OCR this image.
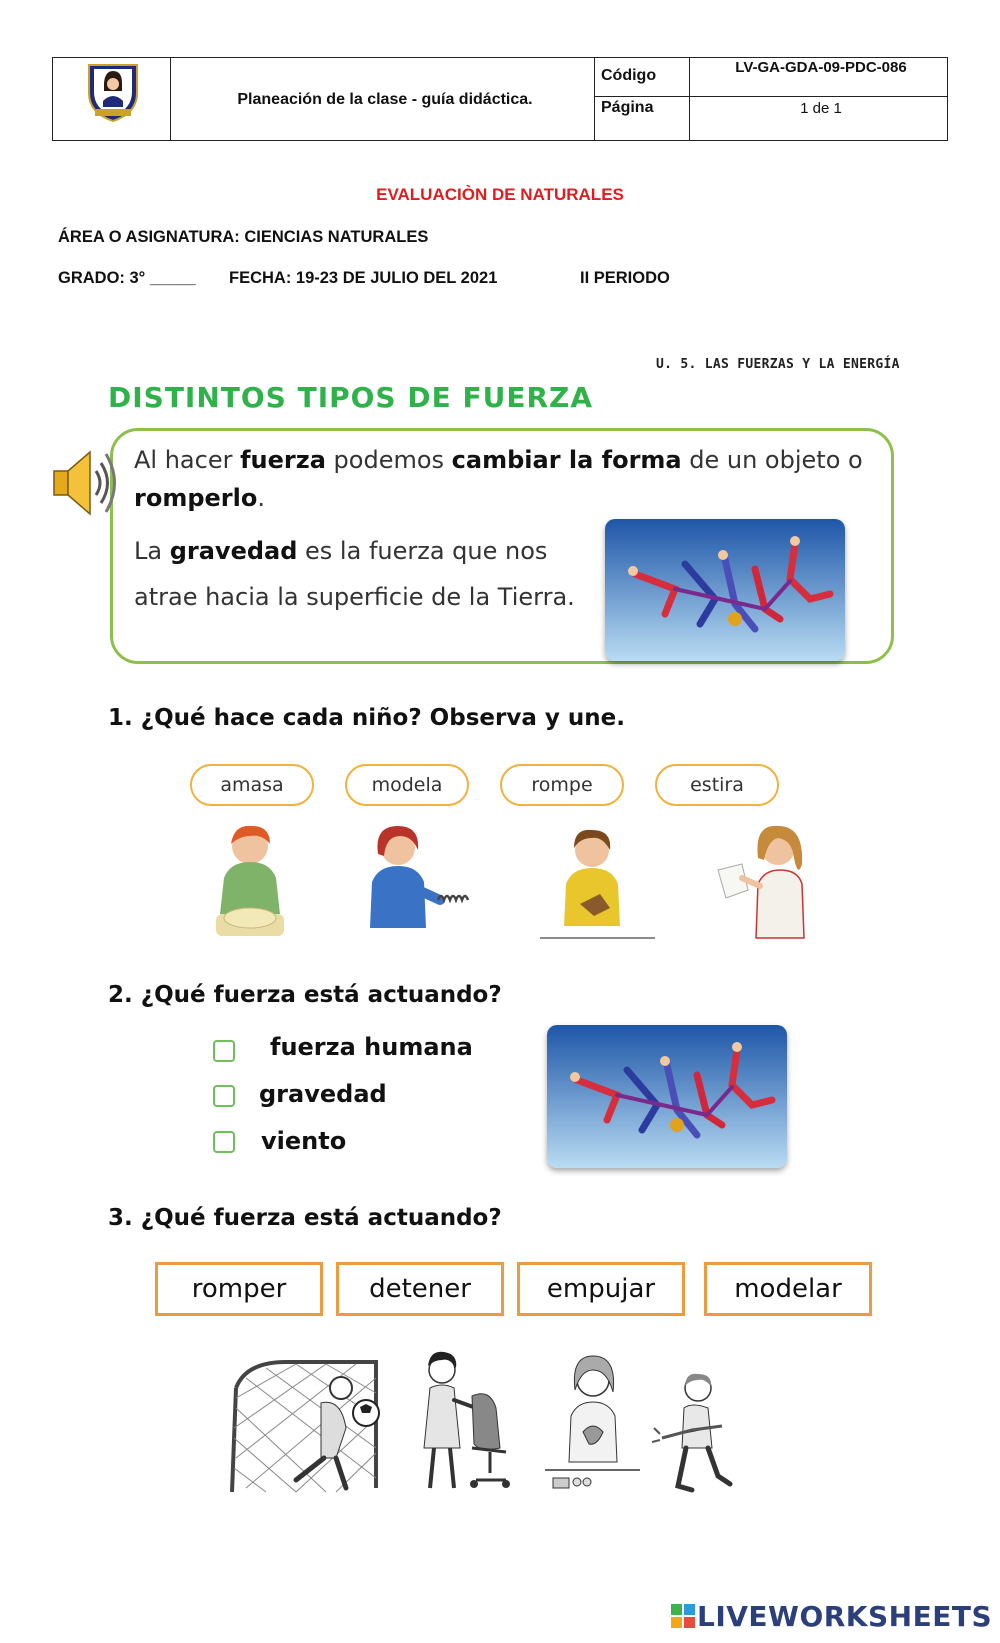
Planeación de la clase - guía didáctica.
Código	LV-GA-GDA-09-PDC-086
Página	1 de 1
EVALUACIÒN DE NATURALES
ÁREA O ASIGNATURA: CIENCIAS NATURALES
GRADO: 3° _____ FECHA: 19-23 DE JULIO DEL 2021	II PERIODO
U. 5. LAS FUERZAS Y LA ENERGÍA
DISTINTOS TIPOS DE FUERZA
Al hacer fuerza podemos cambiar la forma de un objeto o
romperlo.
La gravedad es la fuerza que nos
atrae hacia la superficie de la Tierra.
1. ¿Qué hace cada niño? Observa y une.
amasa	modela	rompe	estira
2. ¿Qué fuerza está actuando?
fuerza humana
gravedad
viento
3. ¿Qué fuerza está actuando?
romper	detener	empujar	modelar
LIVEWORKSHEETS
